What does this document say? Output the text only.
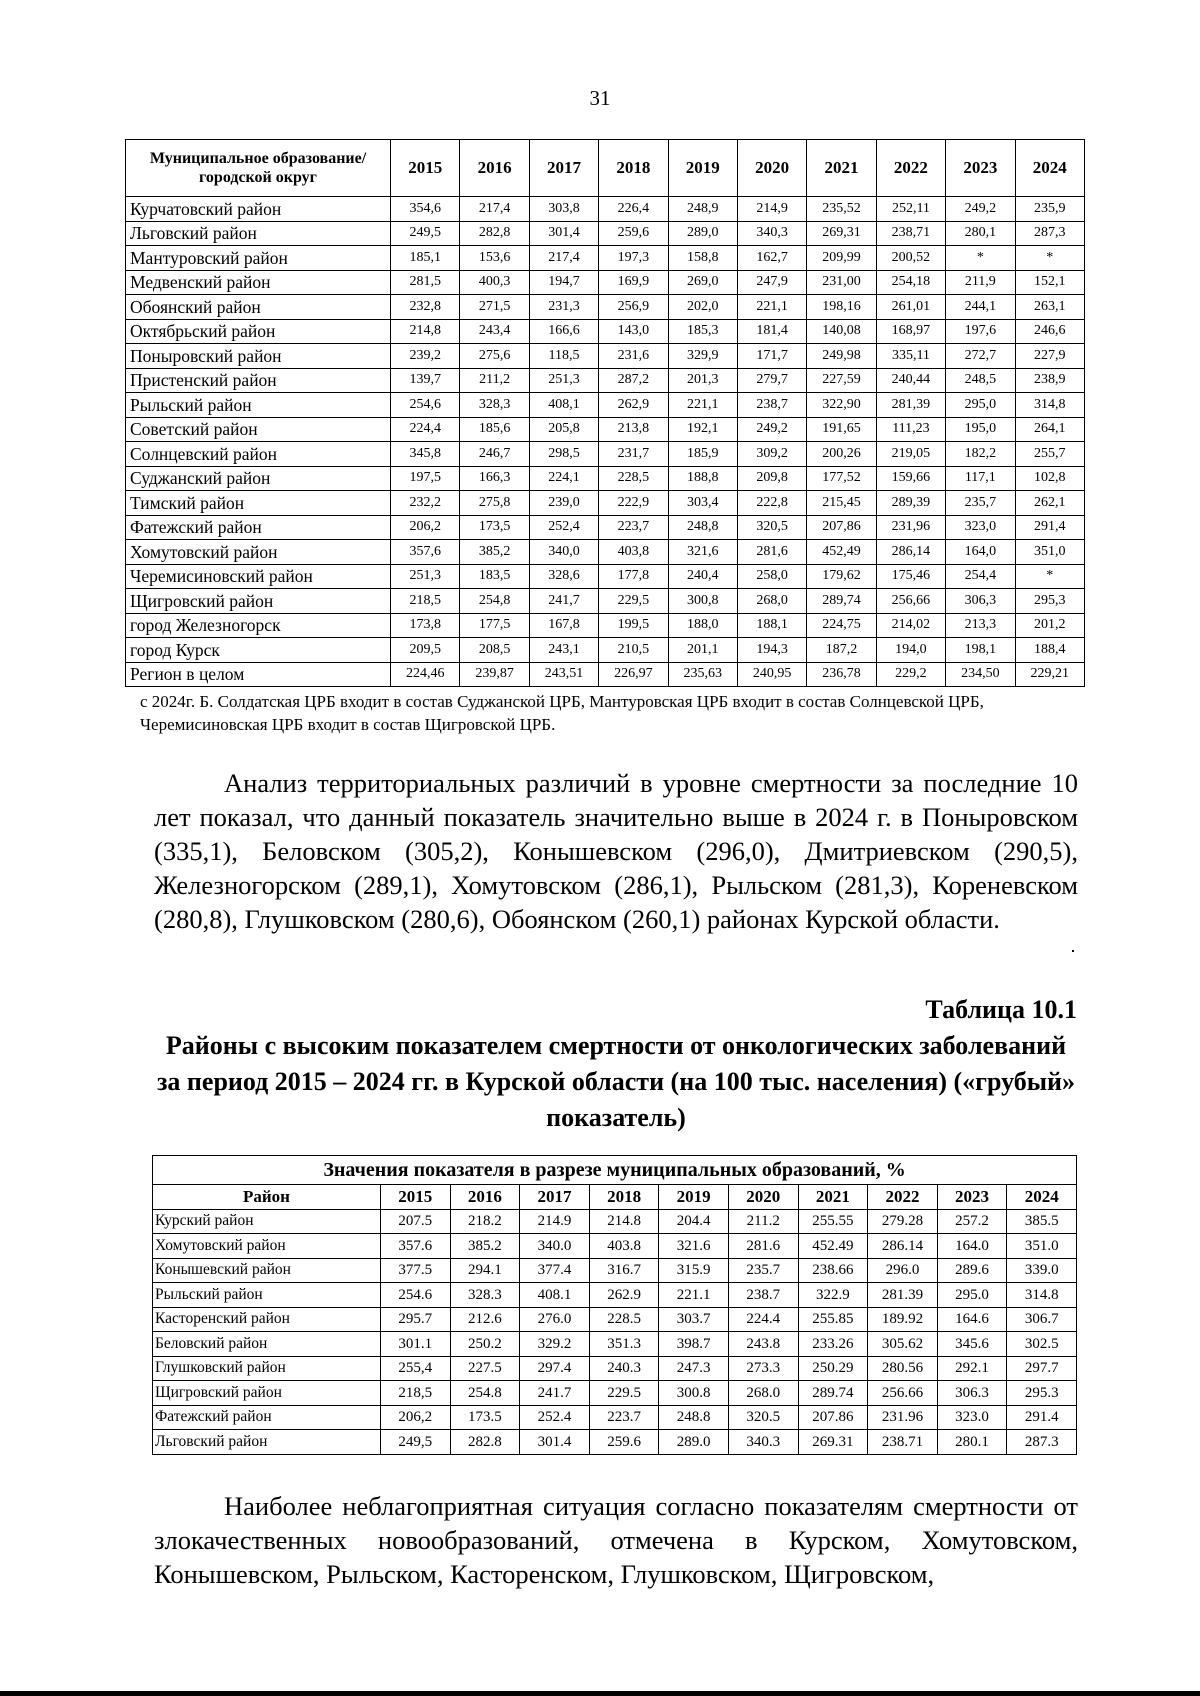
31
Муниципальное образование/городской округ	2015	2016	2017	2018	2019	2020	2021	2022	2023	2024
Курчатовский район	354,6	217,4	303,8	226,4	248,9	214,9	235,52	252,11	249,2	235,9
Льговский район	249,5	282,8	301,4	259,6	289,0	340,3	269,31	238,71	280,1	287,3
Мантуровский район	185,1	153,6	217,4	197,3	158,8	162,7	209,99	200,52	*	*
Медвенский район	281,5	400,3	194,7	169,9	269,0	247,9	231,00	254,18	211,9	152,1
Обоянский район	232,8	271,5	231,3	256,9	202,0	221,1	198,16	261,01	244,1	263,1
Октябрьский район	214,8	243,4	166,6	143,0	185,3	181,4	140,08	168,97	197,6	246,6
Поныровский район	239,2	275,6	118,5	231,6	329,9	171,7	249,98	335,11	272,7	227,9
Пристенский район	139,7	211,2	251,3	287,2	201,3	279,7	227,59	240,44	248,5	238,9
Рыльский район	254,6	328,3	408,1	262,9	221,1	238,7	322,90	281,39	295,0	314,8
Советский район	224,4	185,6	205,8	213,8	192,1	249,2	191,65	111,23	195,0	264,1
Солнцевский район	345,8	246,7	298,5	231,7	185,9	309,2	200,26	219,05	182,2	255,7
Суджанский район	197,5	166,3	224,1	228,5	188,8	209,8	177,52	159,66	117,1	102,8
Тимский район	232,2	275,8	239,0	222,9	303,4	222,8	215,45	289,39	235,7	262,1
Фатежский район	206,2	173,5	252,4	223,7	248,8	320,5	207,86	231,96	323,0	291,4
Хомутовский район	357,6	385,2	340,0	403,8	321,6	281,6	452,49	286,14	164,0	351,0
Черемисиновский район	251,3	183,5	328,6	177,8	240,4	258,0	179,62	175,46	254,4	*
Щигровский район	218,5	254,8	241,7	229,5	300,8	268,0	289,74	256,66	306,3	295,3
город Железногорск	173,8	177,5	167,8	199,5	188,0	188,1	224,75	214,02	213,3	201,2
город Курск	209,5	208,5	243,1	210,5	201,1	194,3	187,2	194,0	198,1	188,4
Регион в целом	224,46	239,87	243,51	226,97	235,63	240,95	236,78	229,2	234,50	229,21
с 2024г. Б. Солдатская ЦРБ входит в состав Суджанской ЦРБ, Мантуровская ЦРБ входит в состав Солнцевской ЦРБ, Черемисиновская ЦРБ входит в состав Щигровской ЦРБ.
Анализ территориальных различий в уровне смертности за последние 10 лет показал, что данный показатель значительно выше в 2024 г. в Поныровском (335,1), Беловском (305,2), Конышевском (296,0), Дмитриевском (290,5), Железногорском (289,1), Хомутовском (286,1), Рыльском (281,3), Кореневском (280,8), Глушковском (280,6), Обоянском (260,1) районах Курской области.
Таблица 10.1
Районы с высоким показателем смертности от онкологических заболеваний за период 2015 – 2024 гг. в Курской области (на 100 тыс. населения) («грубый» показатель)
Значения показателя в разрезе муниципальных образований, %										
Район	2015	2016	2017	2018	2019	2020	2021	2022	2023	2024
Курский район	207.5	218.2	214.9	214.8	204.4	211.2	255.55	279.28	257.2	385.5
Хомутовский район	357.6	385.2	340.0	403.8	321.6	281.6	452.49	286.14	164.0	351.0
Конышевский район	377.5	294.1	377.4	316.7	315.9	235.7	238.66	296.0	289.6	339.0
Рыльский район	254.6	328.3	408.1	262.9	221.1	238.7	322.9	281.39	295.0	314.8
Касторенский район	295.7	212.6	276.0	228.5	303.7	224.4	255.85	189.92	164.6	306.7
Беловский район	301.1	250.2	329.2	351.3	398.7	243.8	233.26	305.62	345.6	302.5
Глушковский район	255,4	227.5	297.4	240.3	247.3	273.3	250.29	280.56	292.1	297.7
Щигровский район	218,5	254.8	241.7	229.5	300.8	268.0	289.74	256.66	306.3	295.3
Фатежский район	206,2	173.5	252.4	223.7	248.8	320.5	207.86	231.96	323.0	291.4
Льговский район	249,5	282.8	301.4	259.6	289.0	340.3	269.31	238.71	280.1	287.3
Наиболее неблагоприятная ситуация согласно показателям смертности от злокачественных новообразований, отмечена в Курском, Хомутовском, Конышевском, Рыльском, Касторенском, Глушковском, Щигровском,
